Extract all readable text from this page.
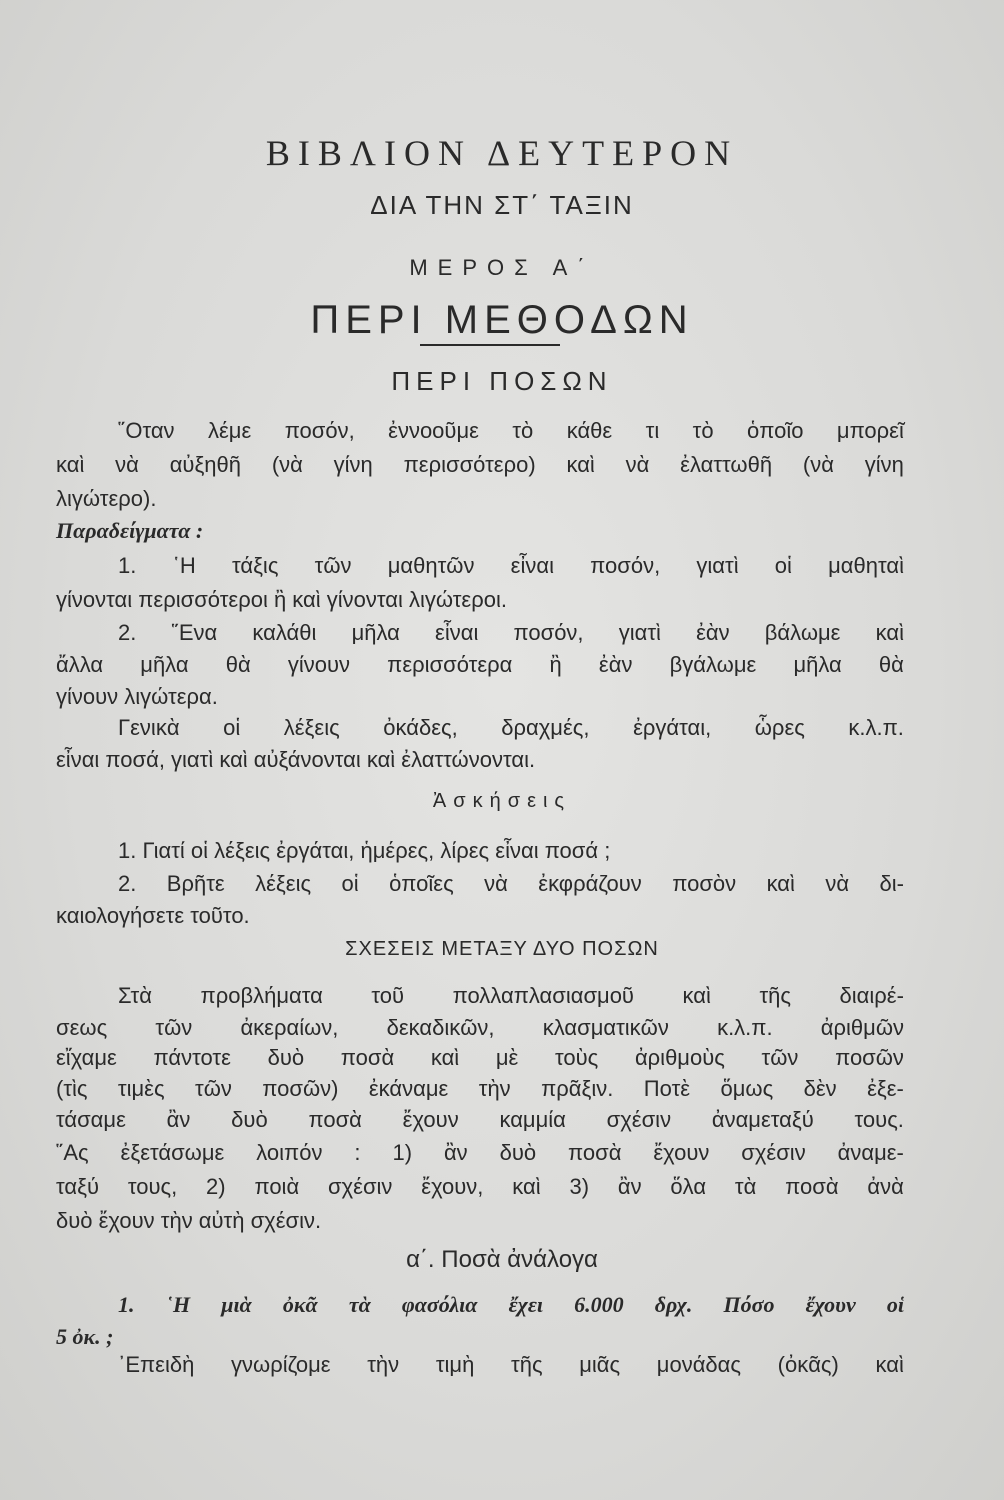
ΒΙΒΛΙΟΝ ΔΕΥΤΕΡΟΝ
ΔΙΑ ΤΗΝ ΣΤ΄ ΤΑΞΙΝ
ΜΕΡΟΣ Α΄
ΠΕΡΙ ΜΕΘΟΔΩΝ
ΠΕΡΙ ΠΟΣΩΝ
῞Οταν λέμε ποσόν, ἐννοοῦμε τὸ κάθε τι τὸ ὁποῖο μπορεῖ
καὶ νὰ αὐξηθῆ (νὰ γίνη περισσότερο) καὶ νὰ ἐλαττωθῆ (νὰ γίνη
λιγώτερο).
Παραδείγματα :
1. ῾Η τάξις τῶν μαθητῶν εἶναι ποσόν, γιατὶ οἱ μαθηταὶ
γίνονται περισσότεροι ἢ καὶ γίνονται λιγώτεροι.
2. ῞Ενα καλάθι μῆλα εἶναι ποσόν, γιατὶ ἐὰν βάλωμε καὶ
ἄλλα μῆλα θὰ γίνουν περισσότερα ἢ ἐὰν βγάλωμε μῆλα θὰ
γίνουν λιγώτερα.
Γενικὰ οἱ λέξεις ὀκάδες, δραχμές, ἐργάται, ὧρες κ.λ.π.
εἶναι ποσά, γιατὶ καὶ αὐξάνονται καὶ ἐλαττώνονται.
Ἀσκήσεις
1. Γιατί οἱ λέξεις ἐργάται, ἡμέρες, λίρες εἶναι ποσά ;
2. Βρῆτε λέξεις οἱ ὁποῖες νὰ ἐκφράζουν ποσὸν καὶ νὰ δι-
καιολογήσετε τοῦτο.
ΣΧΕΣΕΙΣ ΜΕΤΑΞΥ ΔΥΟ ΠΟΣΩΝ
Στὰ προβλήματα τοῦ πολλαπλασιασμοῦ καὶ τῆς διαιρέ-
σεως τῶν ἀκεραίων, δεκαδικῶν, κλασματικῶν κ.λ.π. ἀριθμῶν
εἴχαμε πάντοτε δυὸ ποσὰ καὶ μὲ τοὺς ἀριθμοὺς τῶν ποσῶν
(τὶς τιμὲς τῶν ποσῶν) ἐκάναμε τὴν πρᾶξιν. Ποτὲ ὅμως δὲν ἐξε-
τάσαμε ἂν δυὸ ποσὰ ἔχουν καμμία σχέσιν ἀναμεταξύ τους.
῞Ας ἐξετάσωμε λοιπόν : 1) ἂν δυὸ ποσὰ ἔχουν σχέσιν ἀναμε-
ταξύ τους, 2) ποιὰ σχέσιν ἔχουν, καὶ 3) ἂν ὅλα τὰ ποσὰ ἀνὰ
δυὸ ἔχουν τὴν αὐτὴ σχέσιν.
α΄. Ποσὰ ἀνάλογα
1. ῾Η μιὰ ὀκᾶ τὰ φασόλια ἔχει 6.000 δρχ. Πόσο ἔχουν οἱ
5 ὀκ. ;
᾿Επειδὴ γνωρίζομε τὴν τιμὴ τῆς μιᾶς μονάδας (ὀκᾶς) καὶ
